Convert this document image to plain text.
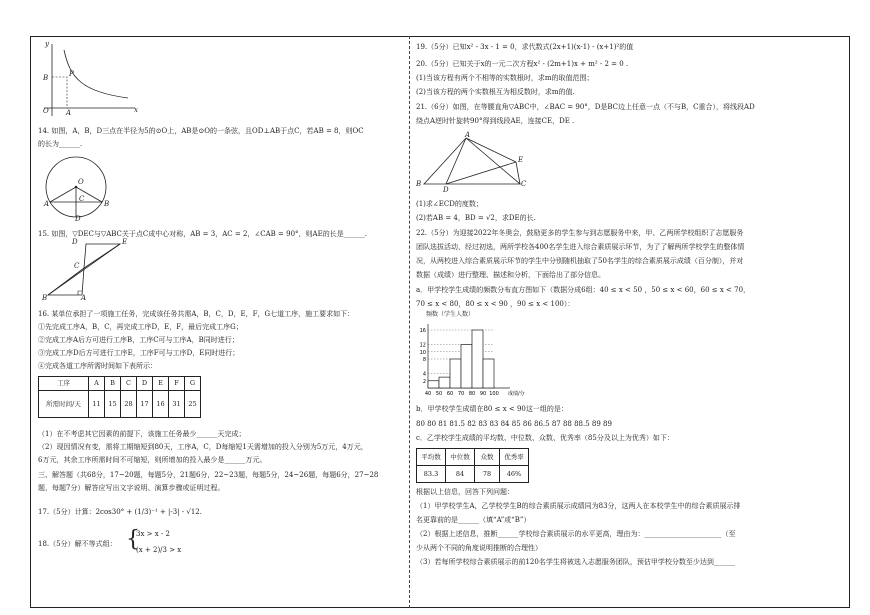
y
B	P
O A	x
14. 如图，A，B，D三点在半径为5的⊙O上，AB是⊙O的一条弦，且OD⊥AB于点C，若AB = 8，则OC
的长为______.
O
A	B
C
D
15. 如图，▽DEC与▽ABC关于点C成中心对称，AB = 3，AC = 2，∠CAB = 90°，则AE的长是______.
D	E
C
B	A
16. 某单位承担了一项施工任务，完成该任务共需A，B，C，D，E，F，G七道工序，施工要求如下：
①先完成工序A，B，C，再完成工序D，E，F，最后完成工序G；
②完成工序A后方可进行工序B，工序C可与工序A，B同时进行；
③完成工序D后方可进行工序E，工序F可与工序D，E同时进行；
④完成各道工序所需时间如下表所示：
工序	A	B	C	D	E	F	G
所需时间/天	11	15	28	17	16	31	25
（1）在不考虑其它因素的前提下，该施工任务最少______天完成；
（2）现因情况有变，需将工期缩短到80天，工序A，C，D每缩短1天需增加的投入分别为5万元，4万元，
6万元，其余工序所需时间不可缩短，则所增加的投入最少是______万元。
三、解答题（共68分，17~20题，每题5分，21题6分，22~23题，每题5分，24~26题，每题6分，27~28
题，每题7分）解答应写出文字说明、演算步骤或证明过程。
17.（5分）计算：2cos30° + (1/3)⁻¹ + |-3| - √12.
18.（5分）解不等式组： {
3x > x - 2
(x + 2)/3 > x
19.（5分）已知x² - 3x - 1 = 0，求代数式(2x+1)(x-1) - (x+1)²的值
20.（5分）已知关于x的一元二次方程x² - (2m+1)x + m² - 2 = 0 .
(1)当该方程有两个不相等的实数根时，求m的取值范围；
(2)当该方程的两个实数根互为相反数时，求m的值.
21.（6分）如图，在等腰直角▽ABC中，∠BAC = 90°，D是BC边上任意一点（不与B，C重合），将线段AD
绕点A逆时针旋转90°得到线段AE，连接CE，DE .
A
B	C
D
E
(1)求∠ECD的度数；
(2)若AB = 4，BD = √2，求DE的长.
22.（5分）为迎接2022年冬奥会，鼓励更多的学生参与到志愿服务中来，甲、乙两所学校组织了志愿服务
团队选拔活动，经过初选，两所学校各400名学生进入综合素质展示环节，为了了解两所学校学生的整体情
况，从两校进入综合素质展示环节的学生中分别随机抽取了50名学生的综合素质展示成绩（百分制），并对
数据（成绩）进行整理、描述和分析，下面给出了部分信息。
a．甲学校学生成绩的频数分布直方图如下（数据分成6组：40 ≤ x < 50 ，50 ≤ x < 60，60 ≤ x < 70，
70 ≤ x < 80，80 ≤ x < 90 ，90 ≤ x < 100）：
频数（学生人数）
2
4
8
10
12
16
40 50 60 70 80 90 100 成绩/分
b．甲学校学生成绩在80 ≤ x < 90这一组的是：
80 80 81 81.5 82 83 83 84 85 86 86.5 87 88 88.5 89 89
c．乙学校学生成绩的平均数、中位数、众数、优秀率（85分及以上为优秀）如下：
平均数	中位数	众数	优秀率
83.3	84	78	46%
根据以上信息，回答下列问题：
（1）甲学校学生A，乙学校学生B的综合素质展示成绩同为83分，这两人在本校学生中的综合素质展示排
名更靠前的是______（填“A”或“B”）
（2）根据上述信息，推断______学校综合素质展示的水平更高，理由为：______________________（至
少从两个不同的角度说明推断的合理性）
（3）若每所学校综合素质展示的前120名学生将被选入志愿服务团队，预估甲学校分数至少达到______
